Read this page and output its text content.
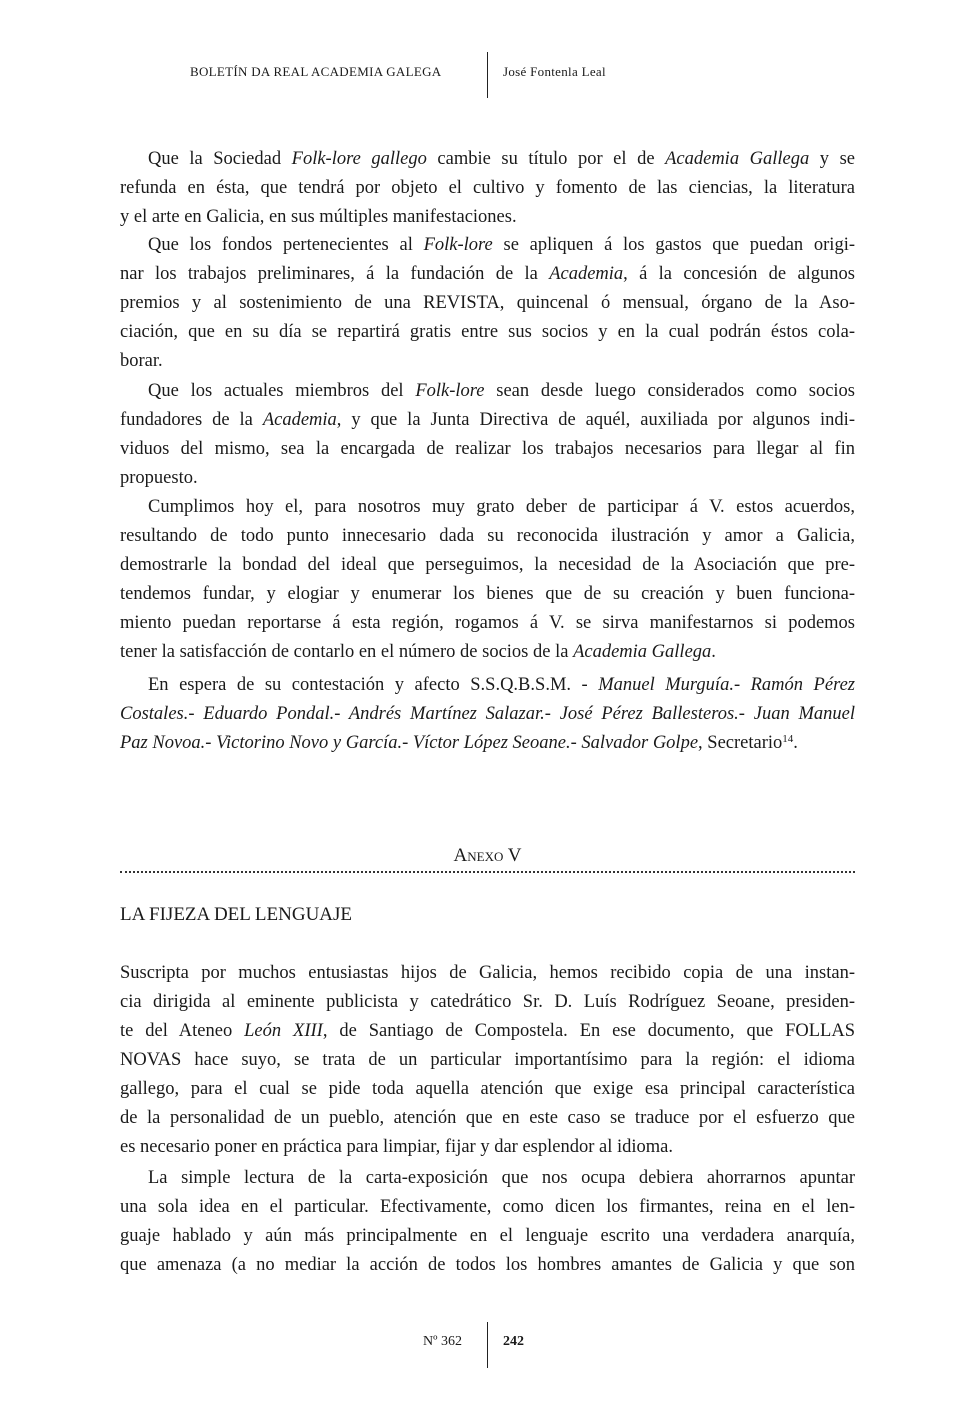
BOLETÍN DA REAL ACADEMIA GALEGA	José Fontenla Leal
Que la Sociedad Folk-lore gallego cambie su título por el de Academia Gallega y se
refunda en ésta, que tendrá por objeto el cultivo y fomento de las ciencias, la literatura
y el arte en Galicia, en sus múltiples manifestaciones.
Que los fondos pertenecientes al Folk-lore se apliquen á los gastos que puedan origi-
nar los trabajos preliminares, á la fundación de la Academia, á la concesión de algunos
premios y al sostenimiento de una REVISTA, quincenal ó mensual, órgano de la Aso-
ciación, que en su día se repartirá gratis entre sus socios y en la cual podrán éstos cola-
borar.
Que los actuales miembros del Folk-lore sean desde luego considerados como socios
fundadores de la Academia, y que la Junta Directiva de aquél, auxiliada por algunos indi-
viduos del mismo, sea la encargada de realizar los trabajos necesarios para llegar al fin
propuesto.
Cumplimos hoy el, para nosotros muy grato deber de participar á V. estos acuerdos,
resultando de todo punto innecesario dada su reconocida ilustración y amor a Galicia,
demostrarle la bondad del ideal que perseguimos, la necesidad de la Asociación que pre-
tendemos fundar, y elogiar y enumerar los bienes que de su creación y buen funciona-
miento puedan reportarse á esta región, rogamos á V. se sirva manifestarnos si podemos
tener la satisfacción de contarlo en el número de socios de la Academia Gallega.
En espera de su contestación y afecto S.S.Q.B.S.M. - Manuel Murguía.- Ramón Pérez
Costales.- Eduardo Pondal.- Andrés Martínez Salazar.- José Pérez Ballesteros.- Juan Manuel
Paz Novoa.- Victorino Novo y García.- Víctor López Seoane.- Salvador Golpe, Secretario$^{14}$.
Anexo V
LA FIJEZA DEL LENGUAJE
Suscripta por muchos entusiastas hijos de Galicia, hemos recibido copia de una instan-
cia dirigida al eminente publicista y catedrático Sr. D. Luís Rodríguez Seoane, presiden-
te del Ateneo León XIII, de Santiago de Compostela. En ese documento, que FOLLAS
NOVAS hace suyo, se trata de un particular importantísimo para la región: el idioma
gallego, para el cual se pide toda aquella atención que exige esa principal característica
de la personalidad de un pueblo, atención que en este caso se traduce por el esfuerzo que
es necesario poner en práctica para limpiar, fijar y dar esplendor al idioma.
La simple lectura de la carta-exposición que nos ocupa debiera ahorrarnos apuntar
una sola idea en el particular. Efectivamente, como dicen los firmantes, reina en el len-
guaje hablado y aún más principalmente en el lenguaje escrito una verdadera anarquía,
que amenaza (a no mediar la acción de todos los hombres amantes de Galicia y que son
Nº 362	242
